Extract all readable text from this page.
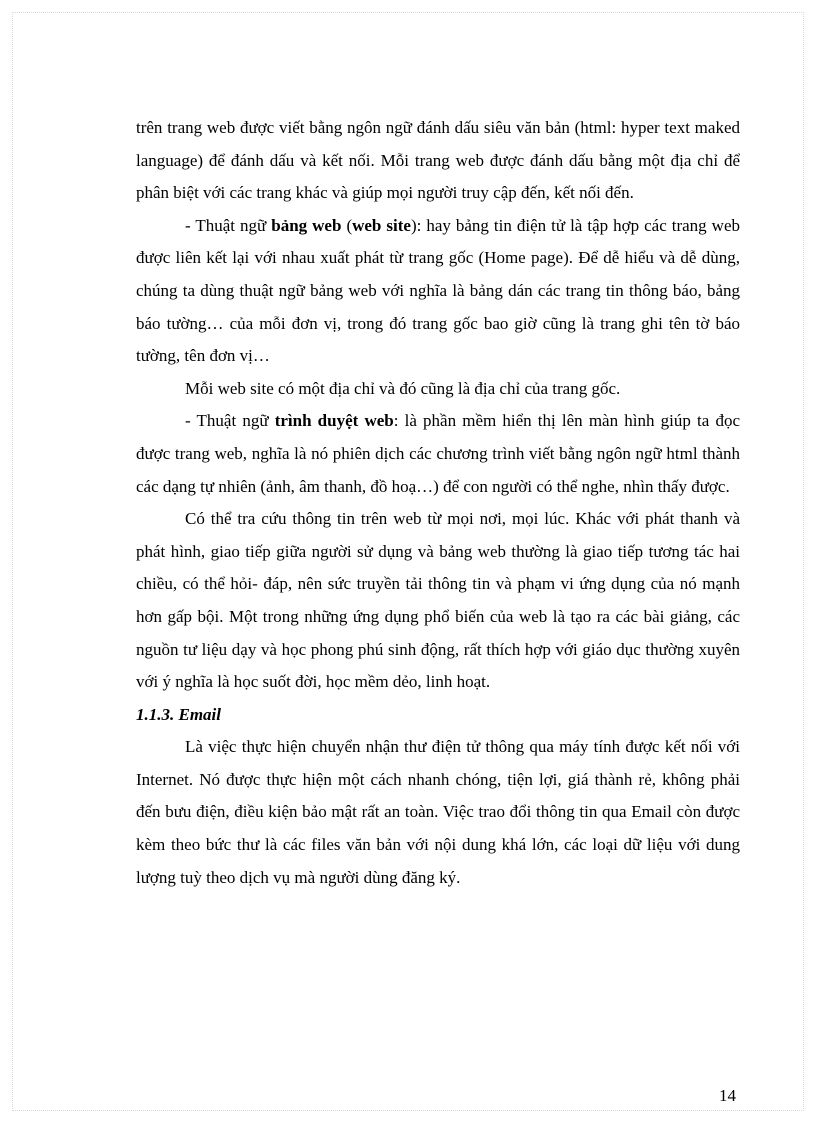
trên trang web được viết bằng ngôn ngữ đánh dấu siêu văn bản (html: hyper text maked language) để đánh dấu và kết nối. Mỗi trang web được đánh dấu bằng một địa chỉ để phân biệt với các trang khác và giúp mọi người truy cập đến, kết nối đến.

- Thuật ngữ bảng web (web site): hay bảng tin điện tử là tập hợp các trang web được liên kết lại với nhau xuất phát từ trang gốc (Home page). Để dễ hiểu và dễ dùng, chúng ta dùng thuật ngữ bảng web với nghĩa là bảng dán các trang tin thông báo, bảng báo tường… của mỗi đơn vị, trong đó trang gốc bao giờ cũng là trang ghi tên tờ báo tường, tên đơn vị…

Mỗi web site có một địa chỉ và đó cũng là địa chỉ của trang gốc.

- Thuật ngữ trình duyệt web: là phần mềm hiển thị lên màn hình giúp ta đọc được trang web, nghĩa là nó phiên dịch các chương trình viết bằng ngôn ngữ html thành các dạng tự nhiên (ảnh, âm thanh, đồ hoạ…) để con người có thể nghe, nhìn thấy được.

Có thể tra cứu thông tin trên web từ mọi nơi, mọi lúc. Khác với phát thanh và phát hình, giao tiếp giữa người sử dụng và bảng web thường là giao tiếp tương tác hai chiều, có thể hỏi- đáp, nên sức truyền tải thông tin và phạm vi ứng dụng của nó mạnh hơn gấp bội. Một trong những ứng dụng phổ biến của web là tạo ra các bài giảng, các nguồn tư liệu dạy và học phong phú sinh động, rất thích hợp với giáo dục thường xuyên với ý nghĩa là học suốt đời, học mềm dẻo, linh hoạt.

1.1.3. Email

Là việc thực hiện chuyển nhận thư điện tử thông qua máy tính được kết nối với Internet. Nó được thực hiện một cách nhanh chóng, tiện lợi, giá thành rẻ, không phải đến bưu điện, điều kiện bảo mật rất an toàn. Việc trao đổi thông tin qua Email còn được kèm theo bức thư là các files văn bản với nội dung khá lớn, các loại dữ liệu với dung lượng tuỳ theo dịch vụ mà người dùng đăng ký.

14
